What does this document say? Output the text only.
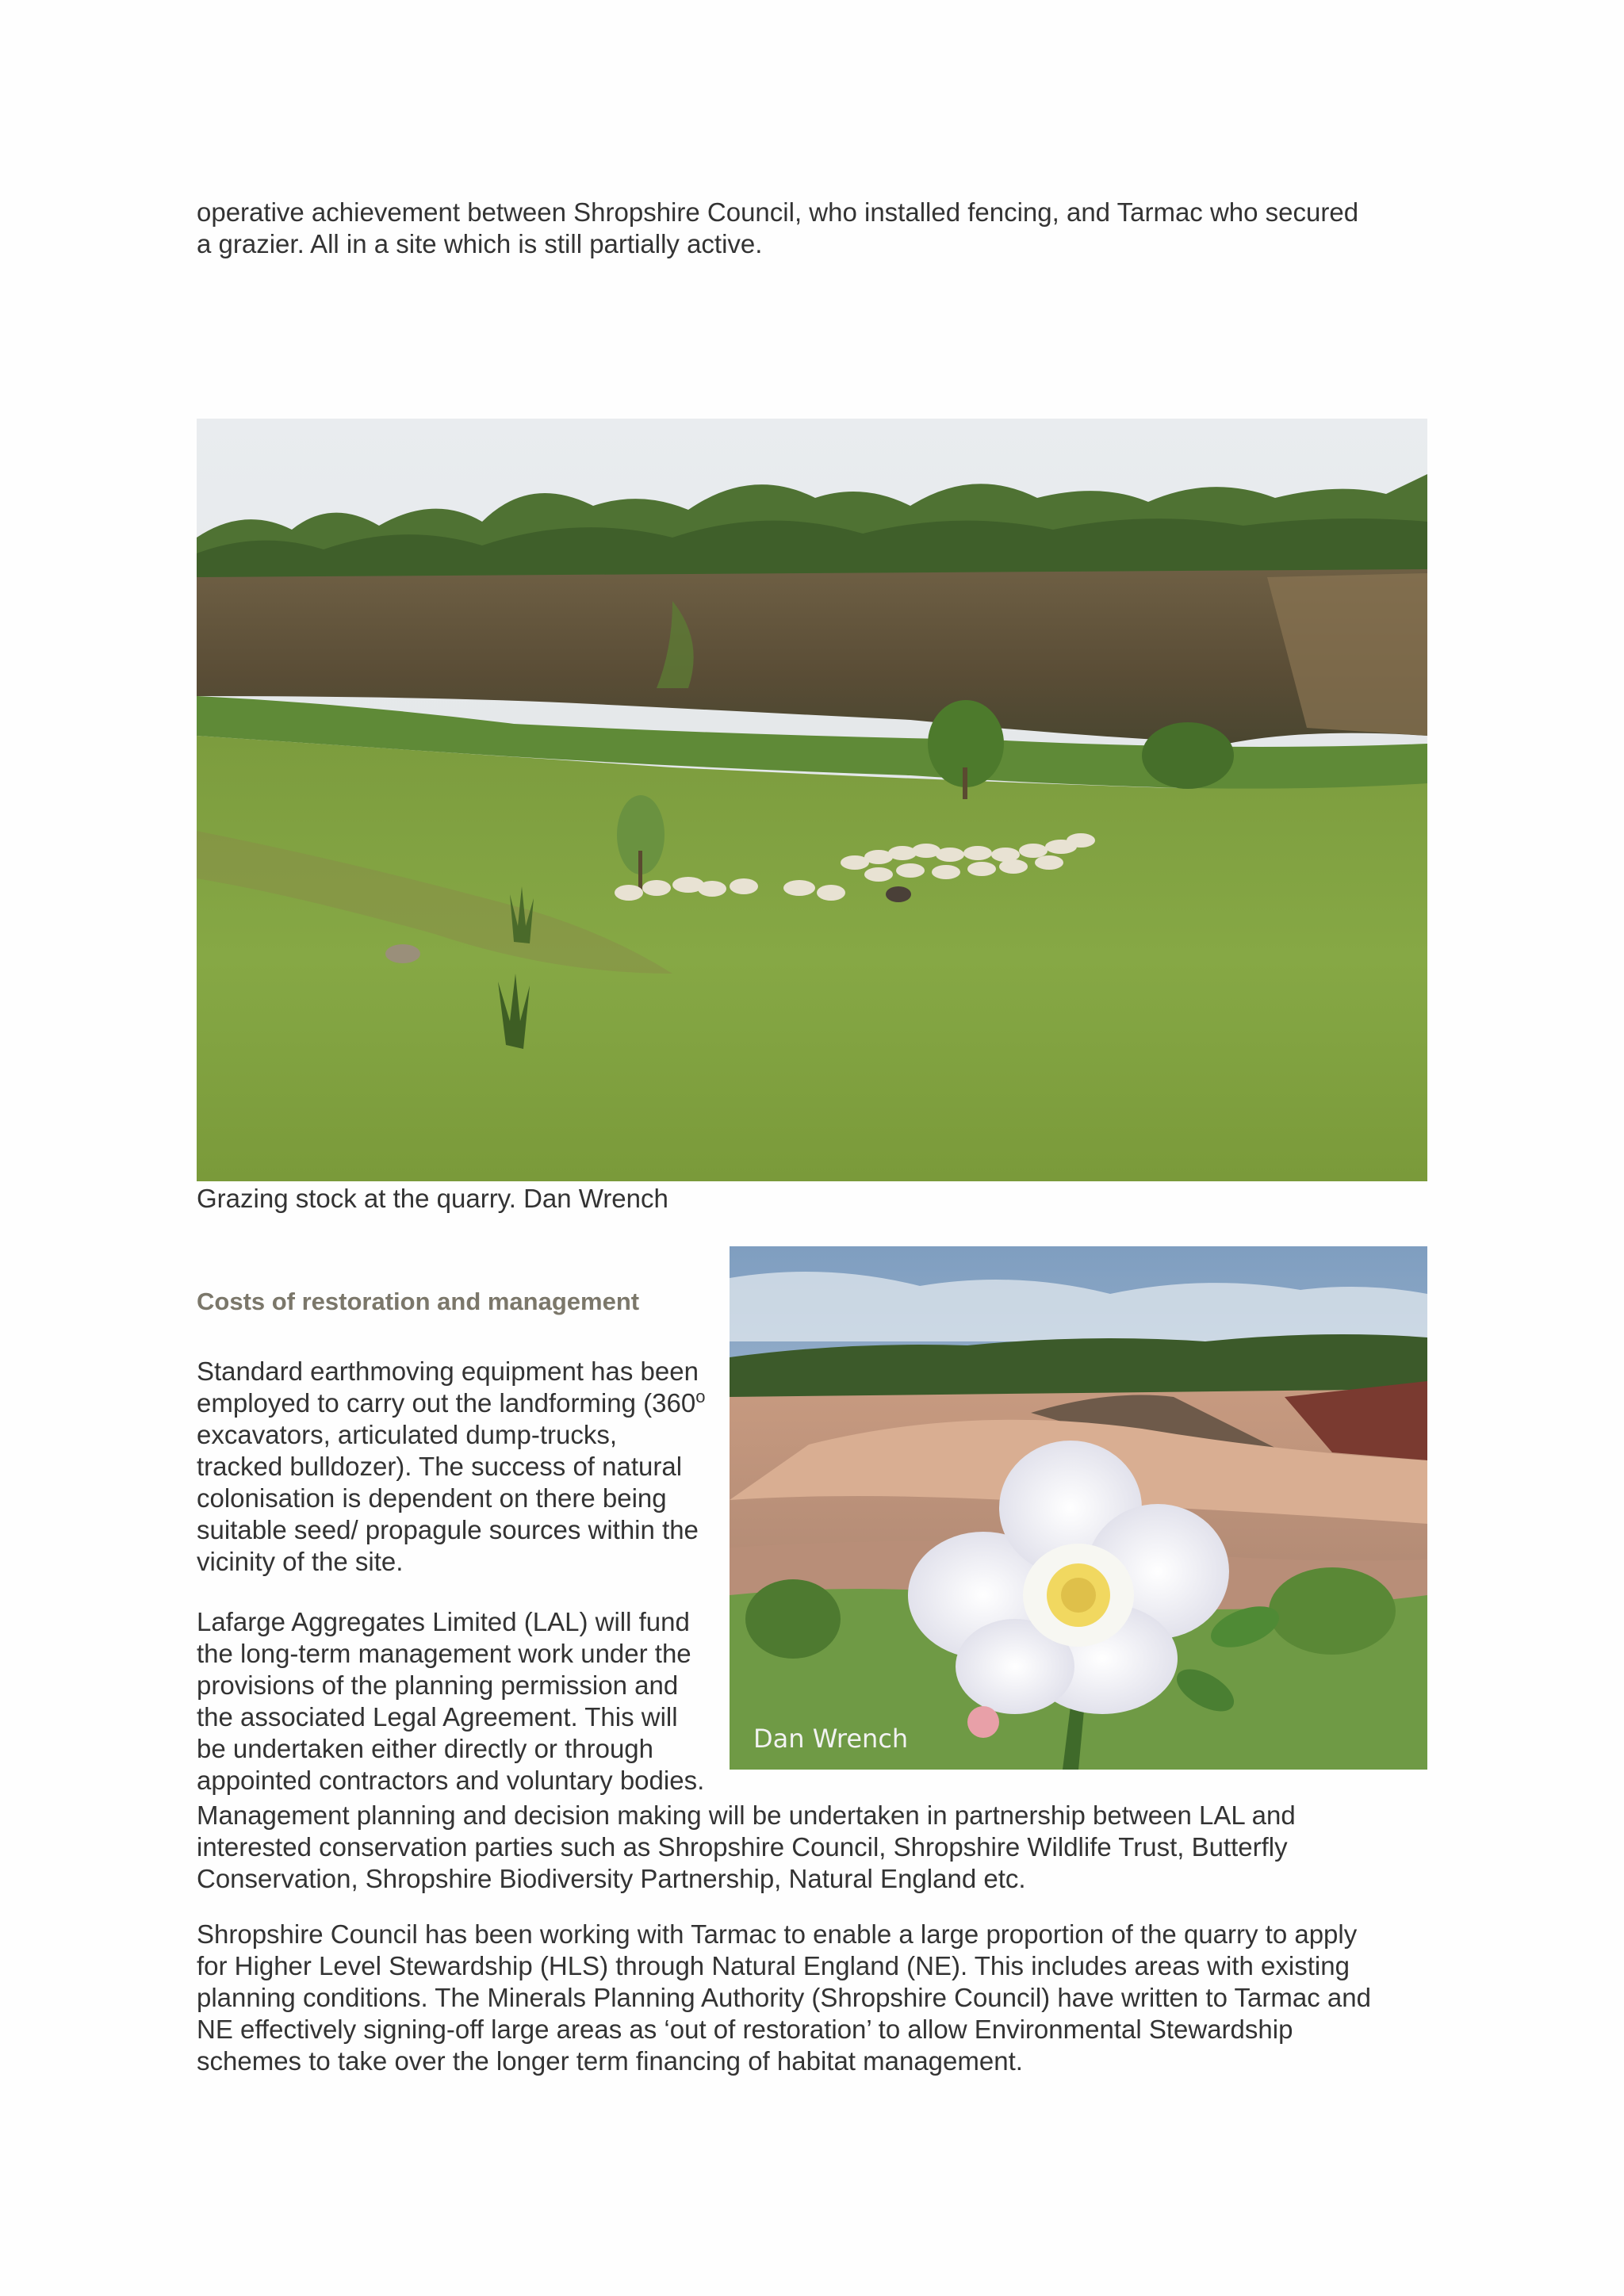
operative achievement between Shropshire Council, who installed fencing, and Tarmac who secured
a grazier. All in a site which is still partially active.

Grazing stock at the quarry. Dan Wrench

Dan Wrench

Costs of restoration and management

Standard earthmoving equipment has been
employed to carry out the landforming (360$^o$
excavators, articulated dump-trucks,
tracked bulldozer). The success of natural
colonisation is dependent on there being
suitable seed/ propagule sources within the
vicinity of the site.

Lafarge Aggregates Limited (LAL) will fund
the long-term management work under the
provisions of the planning permission and
the associated Legal Agreement. This will
be undertaken either directly or through
appointed contractors and voluntary bodies.

Management planning and decision making will be undertaken in partnership between LAL and
interested conservation parties such as Shropshire Council, Shropshire Wildlife Trust, Butterfly
Conservation, Shropshire Biodiversity Partnership, Natural England etc.

Shropshire Council has been working with Tarmac to enable a large proportion of the quarry to apply
for Higher Level Stewardship (HLS) through Natural England (NE). This includes areas with existing
planning conditions. The Minerals Planning Authority (Shropshire Council) have written to Tarmac and
NE effectively signing-off large areas as ‘out of restoration’ to allow Environmental Stewardship
schemes to take over the longer term financing of habitat management.
